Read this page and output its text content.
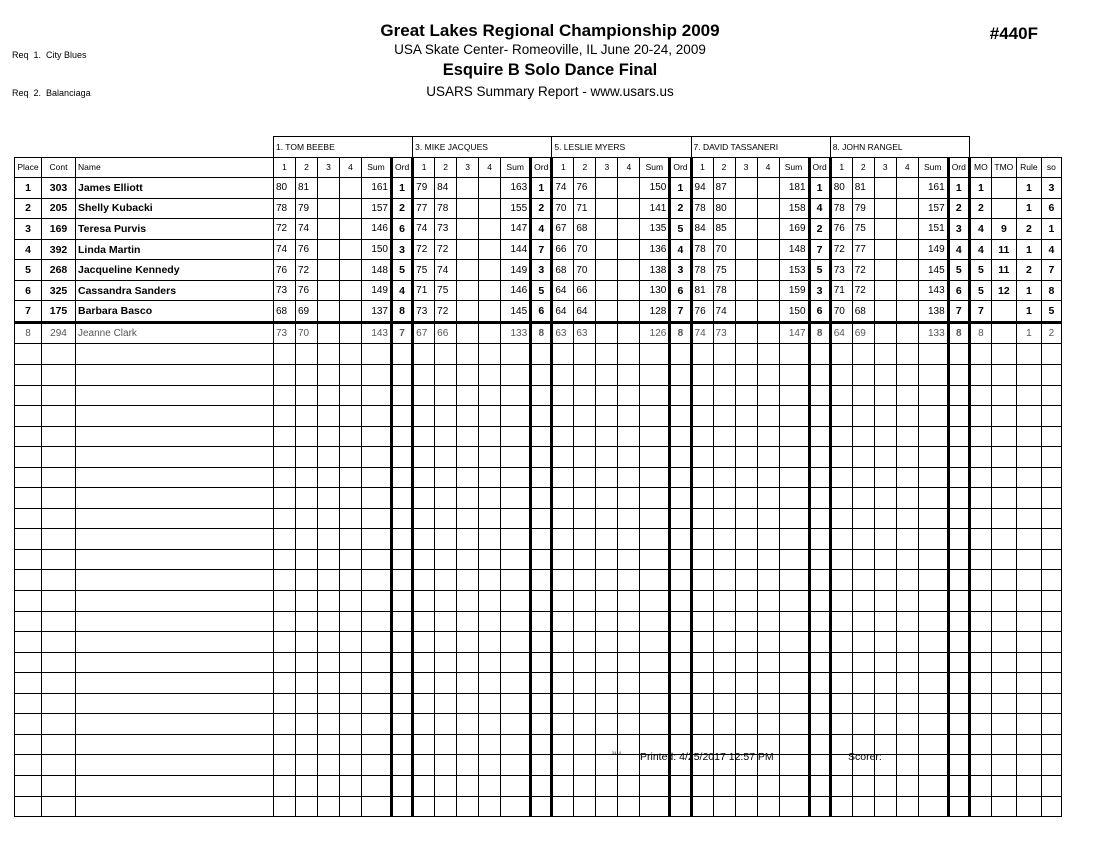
Req  1. City Blues

Req  2. Balanciaga

Great Lakes Regional Championship 2009
USA Skate Center- Romeoville, IL June 20-24, 2009
Esquire B Solo Dance Final
USARS Summary Report - www.usars.us
#440F
			1. TOM BEEBE						3. MIKE JACQUES						5. LESLIE MYERS						7. DAVID TASSANERI						8. JOHN RANGEL									
Place	Cont	Name	1	2	3	4	Sum	Ord	1	2	3	4	Sum	Ord	1	2	3	4	Sum	Ord	1	2	3	4	Sum	Ord	1	2	3	4	Sum	Ord	MO	TMO	Rule	so
1	303	James Elliott	80	81			161	1	79	84			163	1	74	76			150	1	94	87			181	1	80	81			161	1	1		1	3
2	205	Shelly Kubacki	78	79			157	2	77	78			155	2	70	71			141	2	78	80			158	4	78	79			157	2	2		1	6
3	169	Teresa Purvis	72	74			146	6	74	73			147	4	67	68			135	5	84	85			169	2	76	75			151	3	4	9	2	1
4	392	Linda Martin	74	76			150	3	72	72			144	7	66	70			136	4	78	70			148	7	72	77			149	4	4	11	1	4
5	268	Jacqueline Kennedy	76	72			148	5	75	74			149	3	68	70			138	3	78	75			153	5	73	72			145	5	5	11	2	7
6	325	Cassandra Sanders	73	76			149	4	71	75			146	5	64	66			130	6	81	78			159	3	71	72			143	6	5	12	1	8
7	175	Barbara Basco	68	69			137	8	73	72			145	6	64	64			128	7	76	74			150	6	70	68			138	7	7		1	5
8	294	Jeanne Clark	73	70			143	7	67	66			133	8	63	63			126	8	74	73			147	8	64	69			133	8	8		1	2

3414 Printed: 4/25/2017 12:57 PM	Scorer:
